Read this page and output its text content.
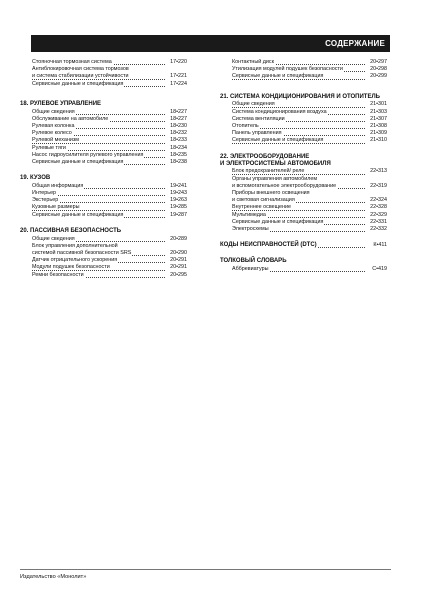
СОДЕРЖАНИЕ
Стояночная тормозная система	17•220
Антиблокировочная система тормозов
и система стабилизации устойчивости	17•221
Сервисные данные и спецификация	17•224
18. РУЛЕВОЕ УПРАВЛЕНИЕ
Общие сведения	18•227
Обслуживание на автомобиле	18•227
Рулевая колонка	18•230
Рулевое колесо	18•232
Рулевой механизм	18•233
Рулевые тяги	18•234
Насос гидроусилителя рулевого управления	18•235
Сервисные данные и спецификация	18•238
19. КУЗОВ
Общая информация	19•241
Интерьер	19•243
Экстерьер	19•263
Кузовные размеры	19•285
Сервисные данные и спецификация	19•287
20. ПАССИВНАЯ БЕЗОПАСНОСТЬ
Общие сведения	20•289
Блок управления дополнительной
системой пассивной безопасности SRS	20•290
Датчик отрицательного ускорения	20•291
Модули подушек безопасности	20•291
Ремни безопасности	20•295
Контактный диск	20•297
Утилизация модулей подушек безопасности	20•298
Сервисные данные и спецификация	20•299
21. СИСТЕМА КОНДИЦИОНИРОВАНИЯ И ОТОПИТЕЛЬ
Общие сведения	21•301
Система кондиционирования воздуха	21•303
Система вентиляции	21•307
Отопитель	21•308
Панель управления	21•309
Сервисные данные и спецификация	21•310
22. ЭЛЕКТРООБОРУДОВАНИЕ
И ЭЛЕКТРОСИСТЕМЫ АВТОМОБИЛЯ
Блок предохранителей/ реле	22•313
Органы управления автомобилем
и вспомогательное электрооборудование	22•319
Приборы внешнего освещения
и световая сигнализация	22•324
Внутреннее освещение	22•328
Мультимедиа	22•329
Сервисные данные и спецификация	22•331
Электросхемы	22•332
КОДЫ НЕИСПРАВНОСТЕЙ (DTC)	К•411
ТОЛКОВЫЙ СЛОВАРЬ
Аббревиатуры	С•419
Издательство «Монолит»
